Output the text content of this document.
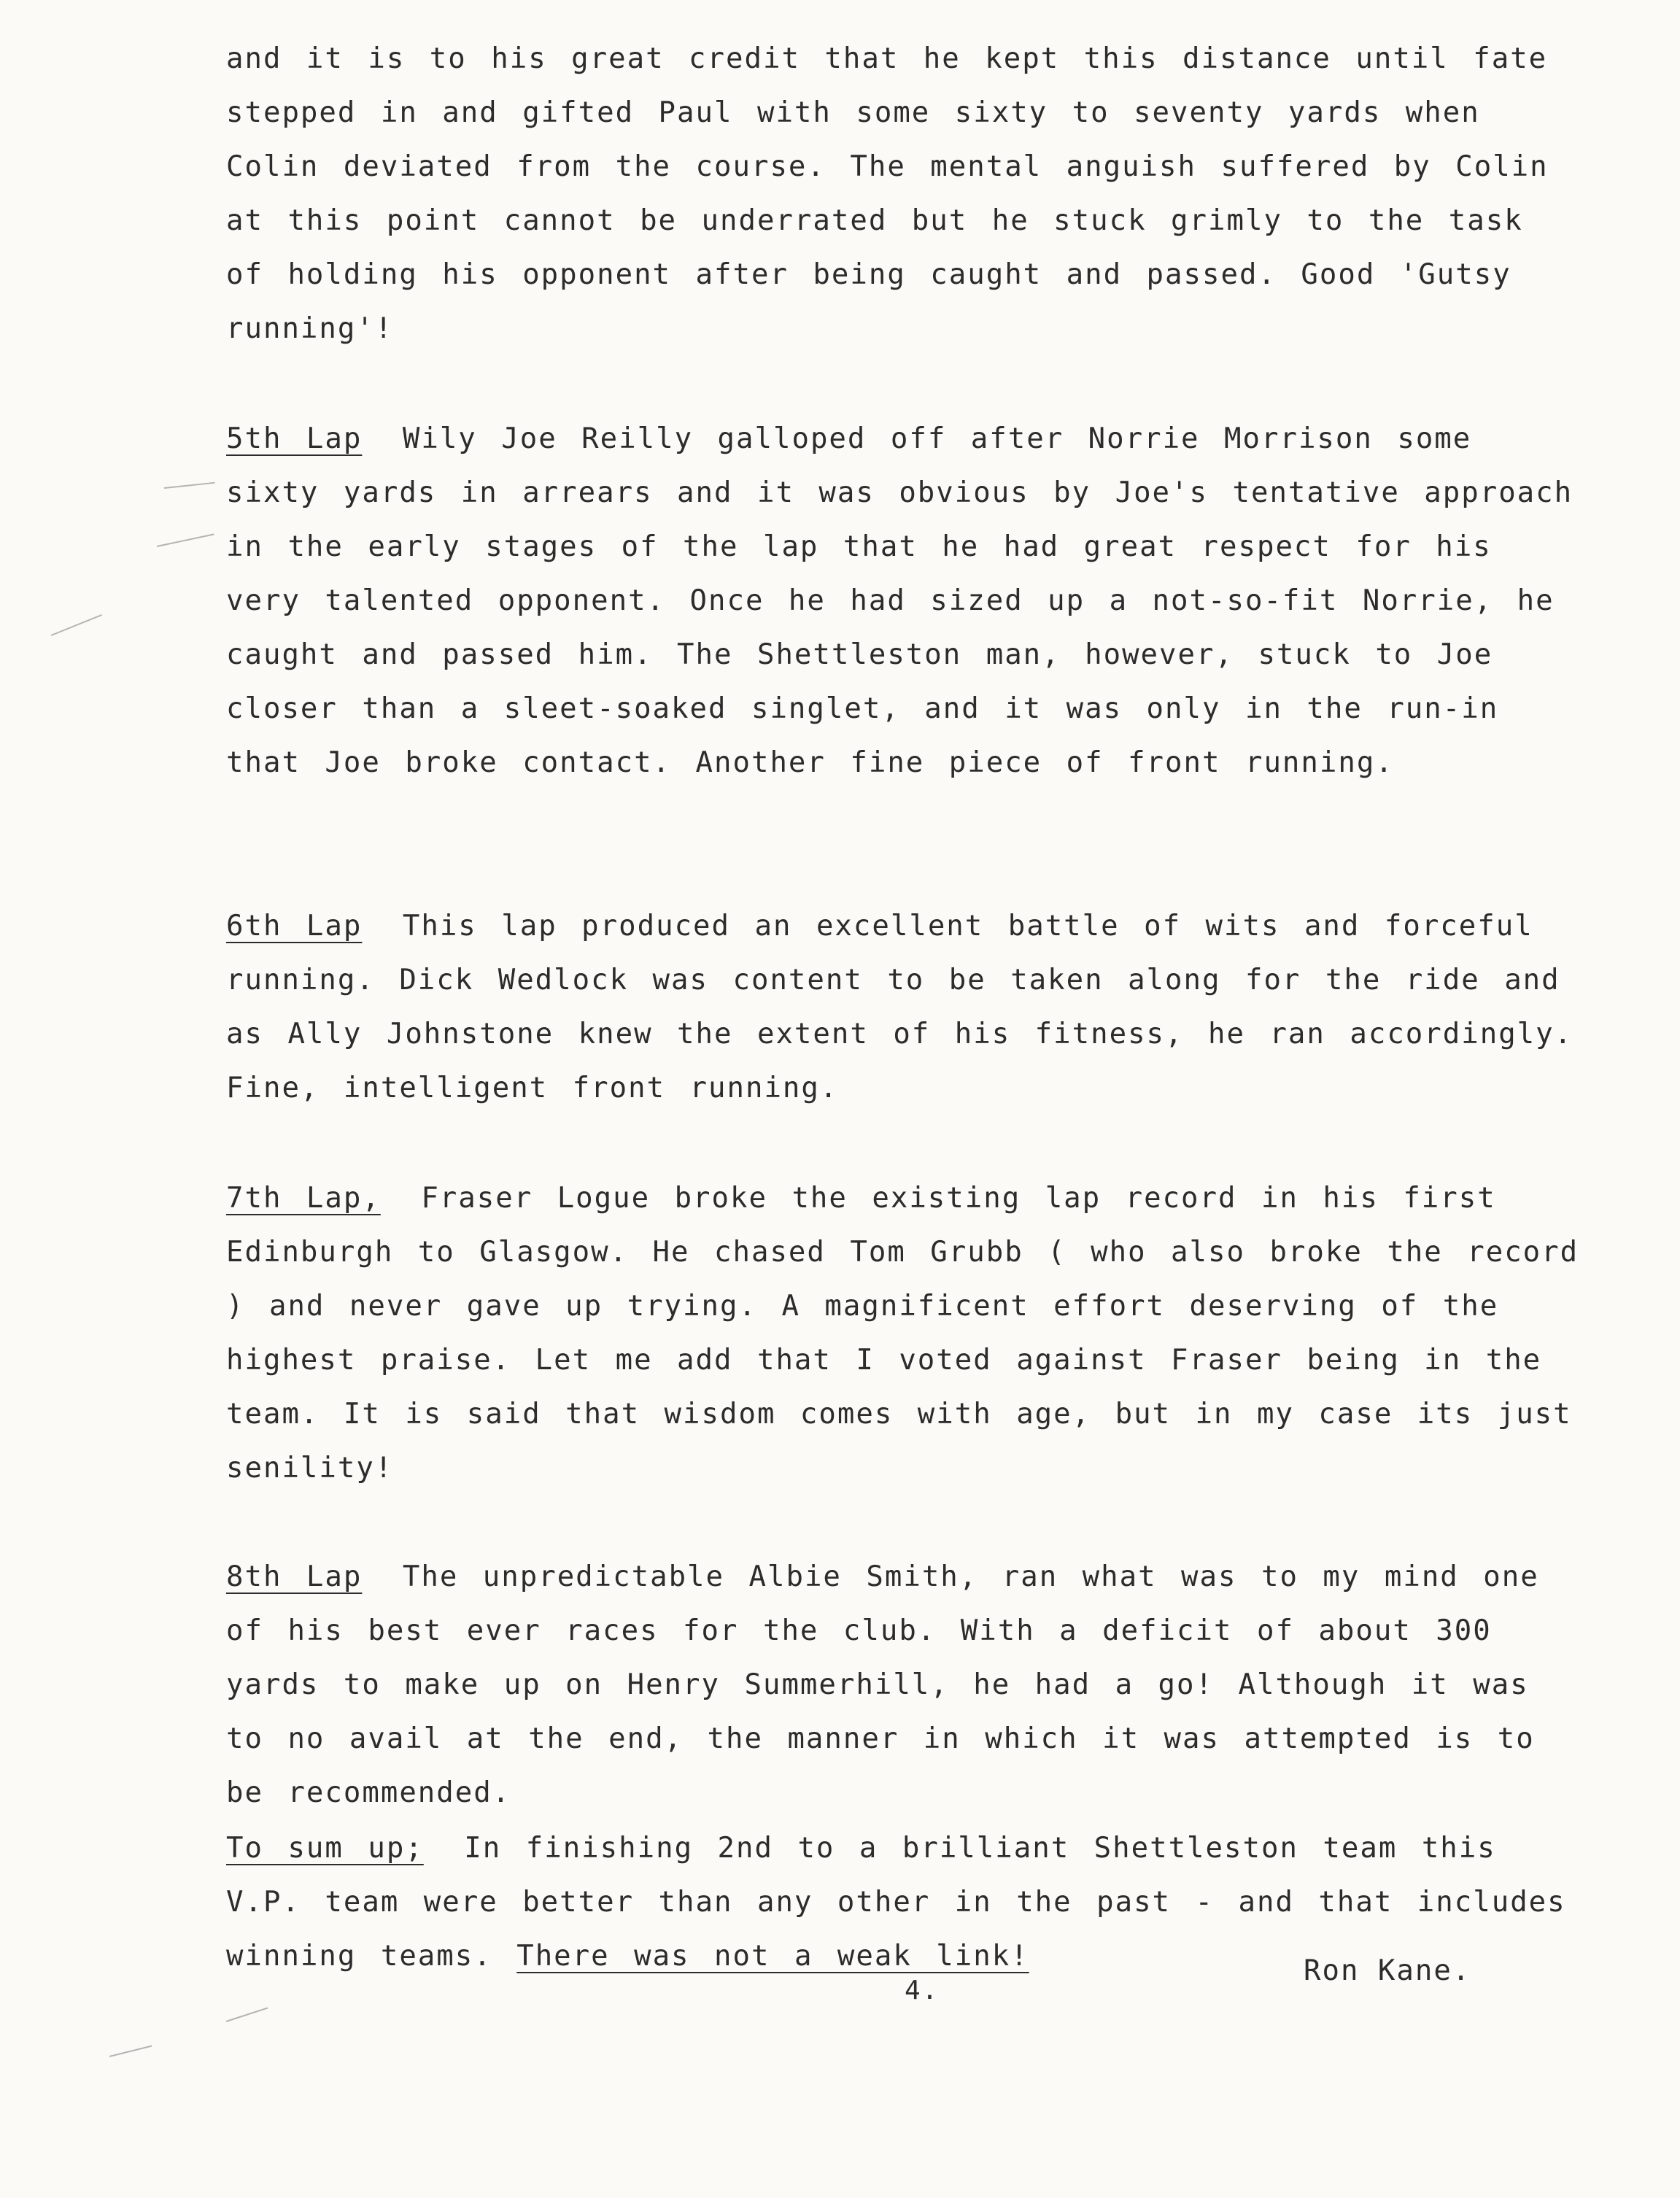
and it is to his great credit that he kept this distance until fate stepped in and gifted Paul with some sixty to seventy yards when Colin deviated from the course. The mental anguish suffered by Colin at this point cannot be underrated but he stuck grimly to the task of holding his opponent after being caught and passed. Good 'Gutsy running'!
5th Lap Wily Joe Reilly galloped off after Norrie Morrison some sixty yards in arrears and it was obvious by Joe's tentative approach in the early stages of the lap that he had great respect for his very talented opponent. Once he had sized up a not-so-fit Norrie, he caught and passed him. The Shettleston man, however, stuck to Joe closer than a sleet-soaked singlet, and it was only in the run-in that Joe broke contact. Another fine piece of front running.
6th Lap This lap produced an excellent battle of wits and forceful running. Dick Wedlock was content to be taken along for the ride and as Ally Johnstone knew the extent of his fitness, he ran accordingly. Fine, intelligent front running.
7th Lap, Fraser Logue broke the existing lap record in his first Edinburgh to Glasgow. He chased Tom Grubb ( who also broke the record ) and never gave up trying. A magnificent effort deserving of the highest praise. Let me add that I voted against Fraser being in the team. It is said that wisdom comes with age, but in my case its just senility!
8th Lap The unpredictable Albie Smith, ran what was to my mind one of his best ever races for the club. With a deficit of about 300 yards to make up on Henry Summerhill, he had a go! Although it was to no avail at the end, the manner in which it was attempted is to be recommended.
To sum up; In finishing 2nd to a brilliant Shettleston team this V.P. team were better than any other in the past - and that includes winning teams. There was not a weak link!	Ron Kane.
4.
